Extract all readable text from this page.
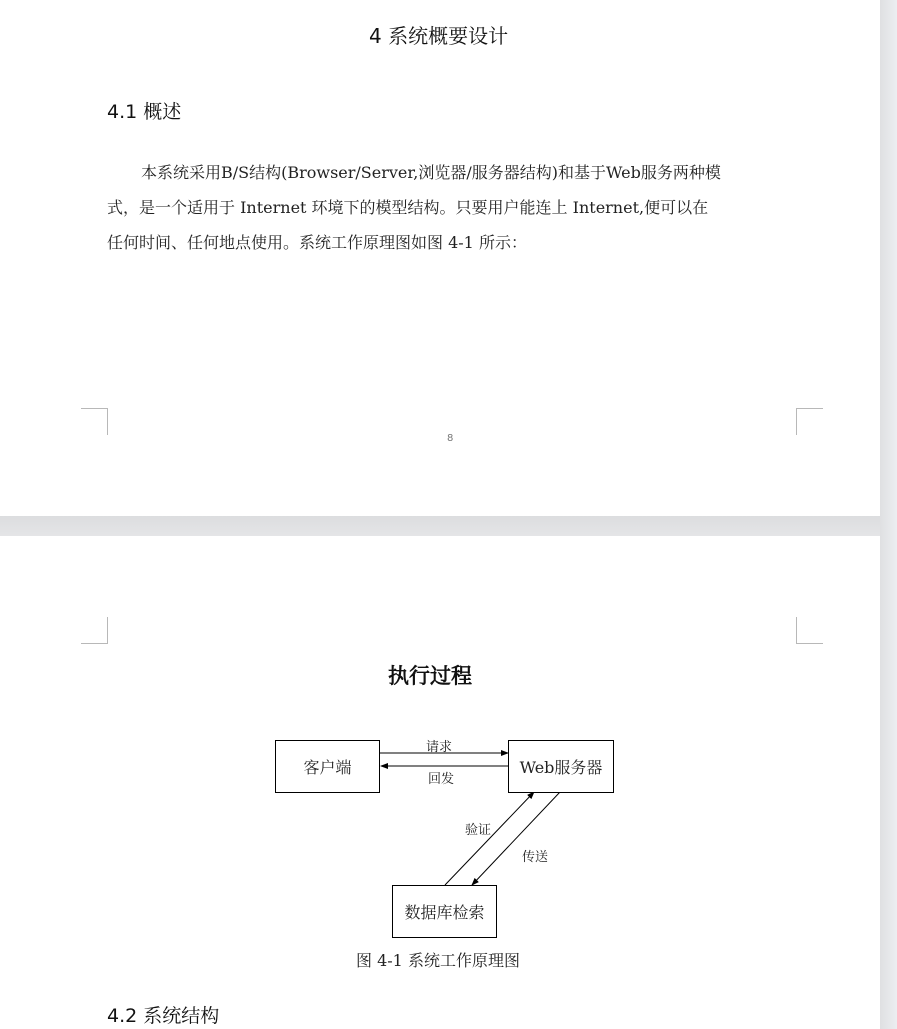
4 系统概要设计
4.1 概述
本系统采用B/S结构(Browser/Server,浏览器/服务器结构)和基于Web服务两种模
式，是一个适用于 Internet 环境下的模型结构。只要用户能连上 Internet,便可以在
任何时间、任何地点使用。系统工作原理图如图 4-1 所示：
8
执行过程
客户端	Web服务器
数据库检索
请求
回发
验证
传送
图 4-1 系统工作原理图
4.2 系统结构
